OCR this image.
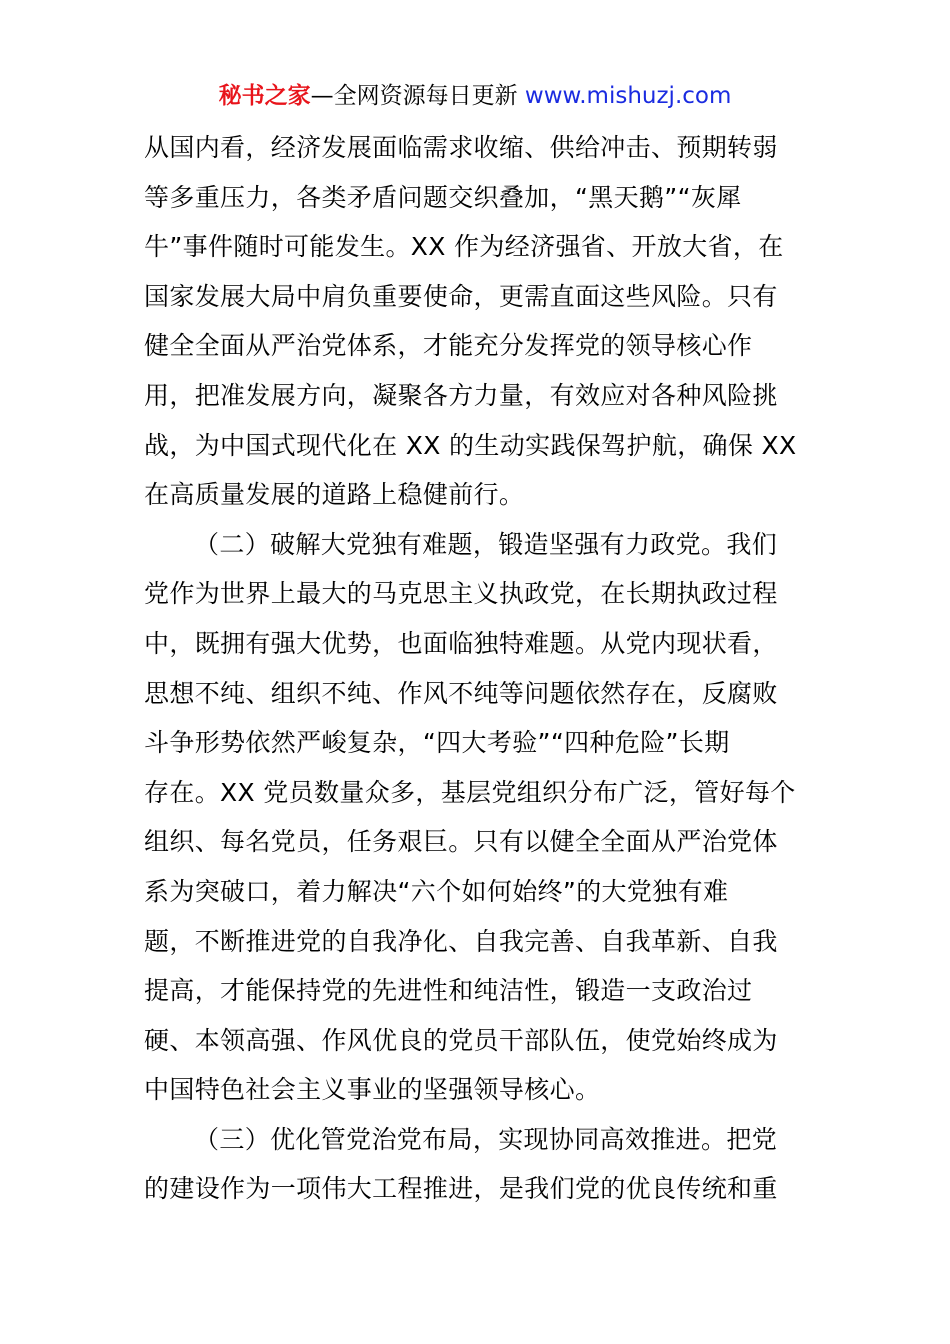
秘书之家—全网资源每日更新 www.mishuzj.com
从国内看，经济发展面临需求收缩、供给冲击、预期转弱
等多重压力，各类矛盾问题交织叠加，“黑天鹅”“灰犀
牛”事件随时可能发生。XX 作为经济强省、开放大省，在
国家发展大局中肩负重要使命，更需直面这些风险。只有
健全全面从严治党体系，才能充分发挥党的领导核心作
用，把准发展方向，凝聚各方力量，有效应对各种风险挑
战，为中国式现代化在 XX 的生动实践保驾护航，确保 XX
在高质量发展的道路上稳健前行。
（二）破解大党独有难题，锻造坚强有力政党。我们
党作为世界上最大的马克思主义执政党，在长期执政过程
中，既拥有强大优势，也面临独特难题。从党内现状看，
思想不纯、组织不纯、作风不纯等问题依然存在，反腐败
斗争形势依然严峻复杂，“四大考验”“四种危险”长期
存在。XX 党员数量众多，基层党组织分布广泛，管好每个
组织、每名党员，任务艰巨。只有以健全全面从严治党体
系为突破口，着力解决“六个如何始终”的大党独有难
题，不断推进党的自我净化、自我完善、自我革新、自我
提高，才能保持党的先进性和纯洁性，锻造一支政治过
硬、本领高强、作风优良的党员干部队伍，使党始终成为
中国特色社会主义事业的坚强领导核心。
（三）优化管党治党布局，实现协同高效推进。把党
的建设作为一项伟大工程推进，是我们党的优良传统和重
